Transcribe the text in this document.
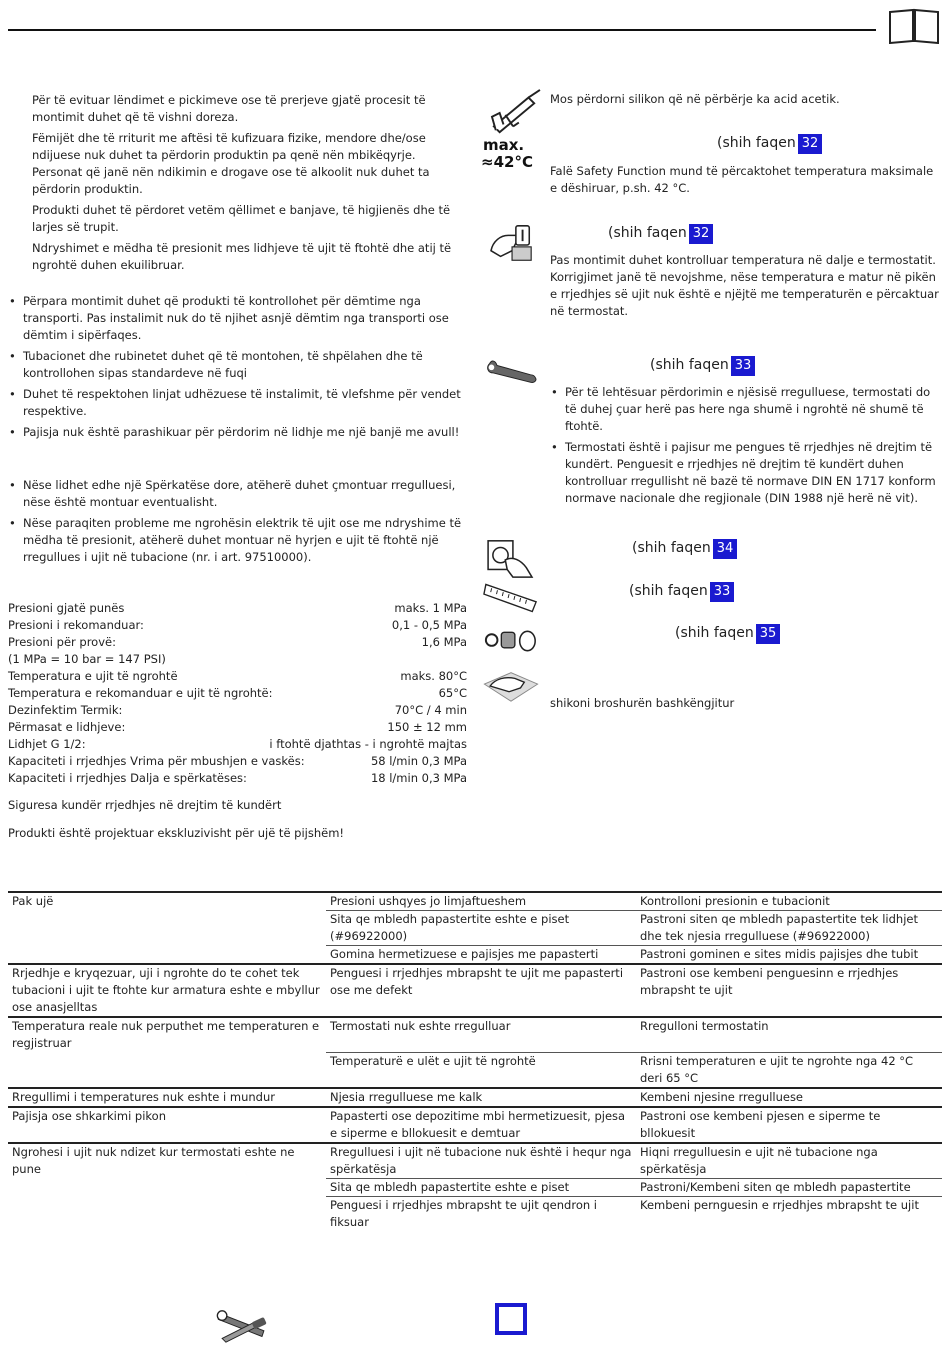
Për të evituar lëndimet e pickimeve ose të prerjeve gjatë procesit të montimit duhet që të vishni doreza.

Fëmijët dhe të rriturit me aftësi të kufizuara fizike, mendore dhe/ose ndijuese nuk duhet ta përdorin produktin pa qenë nën mbikëqyrje. Personat që janë nën ndikimin e drogave ose të alkoolit nuk duhet ta përdorin produktin.

Produkti duhet të përdoret vetëm qëllimet e banjave, të higjienës dhe të larjes së trupit.

Ndryshimet e mëdha të presionit mes lidhjeve të ujit të ftohtë dhe atij të ngrohtë duhen ekuilibruar.

• Përpara montimit duhet që produkti të kontrollohet për dëmtime nga transporti. Pas instalimit nuk do të njihet asnjë dëmtim nga transporti ose dëmtim i sipërfaqes.
• Tubacionet dhe rubinetet duhet që të montohen, të shpëlahen dhe të kontrollohen sipas standardeve në fuqi
• Duhet të respektohen linjat udhëzuese të instalimit, të vlefshme për vendet respektive.
• Pajisja nuk është parashikuar për përdorim në lidhje me një banjë me avull!
• Nëse lidhet edhe një Spërkatëse dore, atëherë duhet çmontuar rregulluesi, nëse është montuar eventualisht.
• Nëse paraqiten probleme me ngrohësin elektrik të ujit ose me ndryshime të mëdha të presionit, atëherë duhet montuar në hyrjen e ujit të ftohtë një rregullues i ujit në tubacione (nr. i art. 97510000).
Presioni gjatë punës	maks. 1 MPa
Presioni i rekomanduar:	0,1 - 0,5 MPa
Presioni për provë:	1,6 MPa
(1 MPa = 10 bar = 147 PSI)
Temperatura e ujit të ngrohtë	maks. 80°C
Temperatura e rekomanduar e ujit të ngrohtë:	65°C
Dezinfektim Termik:	70°C / 4 min
Përmasat e lidhjeve:	150 ± 12 mm
Lidhjet G 1/2:	i ftohtë djathtas - i ngrohtë majtas
Kapaciteti i rrjedhjes Vrima për mbushjen e vaskës:	58 l/min 0,3 MPa
Kapaciteti i rrjedhjes Dalja e spërkatëses:	18 l/min 0,3 MPa
Siguresa kundër rrjedhjes në drejtim të kundërt
Produkti është projektuar ekskluzivisht për ujë të pijshëm!
max.
≈42°C
Mos përdorni silikon që në përbërje ka acid acetik.
(shih faqen 32
Falë Safety Function mund të përcaktohet temperatura maksimale e dëshiruar, p.sh. 42 °C.
(shih faqen 32
Pas montimit duhet kontrolluar temperatura në dalje e termostatit. Korrigjimet janë të nevojshme, nëse temperatura e matur në pikën e rrjedhjes së ujit nuk është e njëjtë me temperaturën e përcaktuar në termostat.
(shih faqen 33
• Për të lehtësuar përdorimin e njësisë rregulluese, termostati do të duhej çuar herë pas here nga shumë i ngrohtë në shumë të ftohtë.
• Termostati është i pajisur me pengues të rrjedhjes në drejtim të kundërt. Penguesit e rrjedhjes në drejtim të kundërt duhen kontrolluar rregullisht në bazë të normave DIN EN 1717 konform normave nacionale dhe regjionale (DIN 1988 një herë në vit).
(shih faqen 34
(shih faqen 33
(shih faqen 35
shikoni broshurën bashkëngjitur
Pak ujë	Presioni ushqyes jo limjaftueshem	Kontrolloni presionin e tubacionit
	Sita qe mbledh papastertite eshte e piset (#96922000)	Pastroni siten qe mbledh papastertite tek lidhjet dhe tek njesia rregulluese (#96922000)
	Gomina hermetizuese e pajisjes me papasterti	Pastroni gominen e sites midis pajisjes dhe tubit
Rrjedhje e kryqezuar, uji i ngrohte do te cohet tek tubacioni i ujit te ftohte kur armatura eshte e mbyllur ose anasjelltas	Penguesi i rrjedhjes mbrapsht te ujit me papasterti ose me defekt	Pastroni ose kembeni penguesinn e rrjedhjes mbrapsht te ujit
Temperatura reale nuk perputhet me temperaturen e regjistruar	Termostati nuk eshte rregulluar	Rregulloni termostatin
	Temperaturë e ulët e ujit të ngrohtë	Rrisni temperaturen e ujit te ngrohte nga 42 °C deri 65 °C
Rregullimi i temperatures nuk eshte i mundur	Njesia rregulluese me kalk	Kembeni njesine rregulluese
Pajisja ose shkarkimi pikon	Papasterti ose depozitime mbi hermetizuesit, pjesa e siperme e bllokuesit e demtuar	Pastroni ose kembeni pjesen e siperme te bllokuesit
Ngrohesi i ujit nuk ndizet kur termostati eshte ne pune	Rregulluesi i ujit në tubacione nuk është i hequr nga spërkatësja	Hiqni rregulluesin e ujit në tubacione nga spërkatësja
	Sita qe mbledh papastertite eshte e piset	Pastroni/Kembeni siten qe mbledh papastertite
	Penguesi i rrjedhjes mbrapsht te ujit qendron i fiksuar	Kembeni pernguesin e rrjedhjes mbrapsht te ujit
